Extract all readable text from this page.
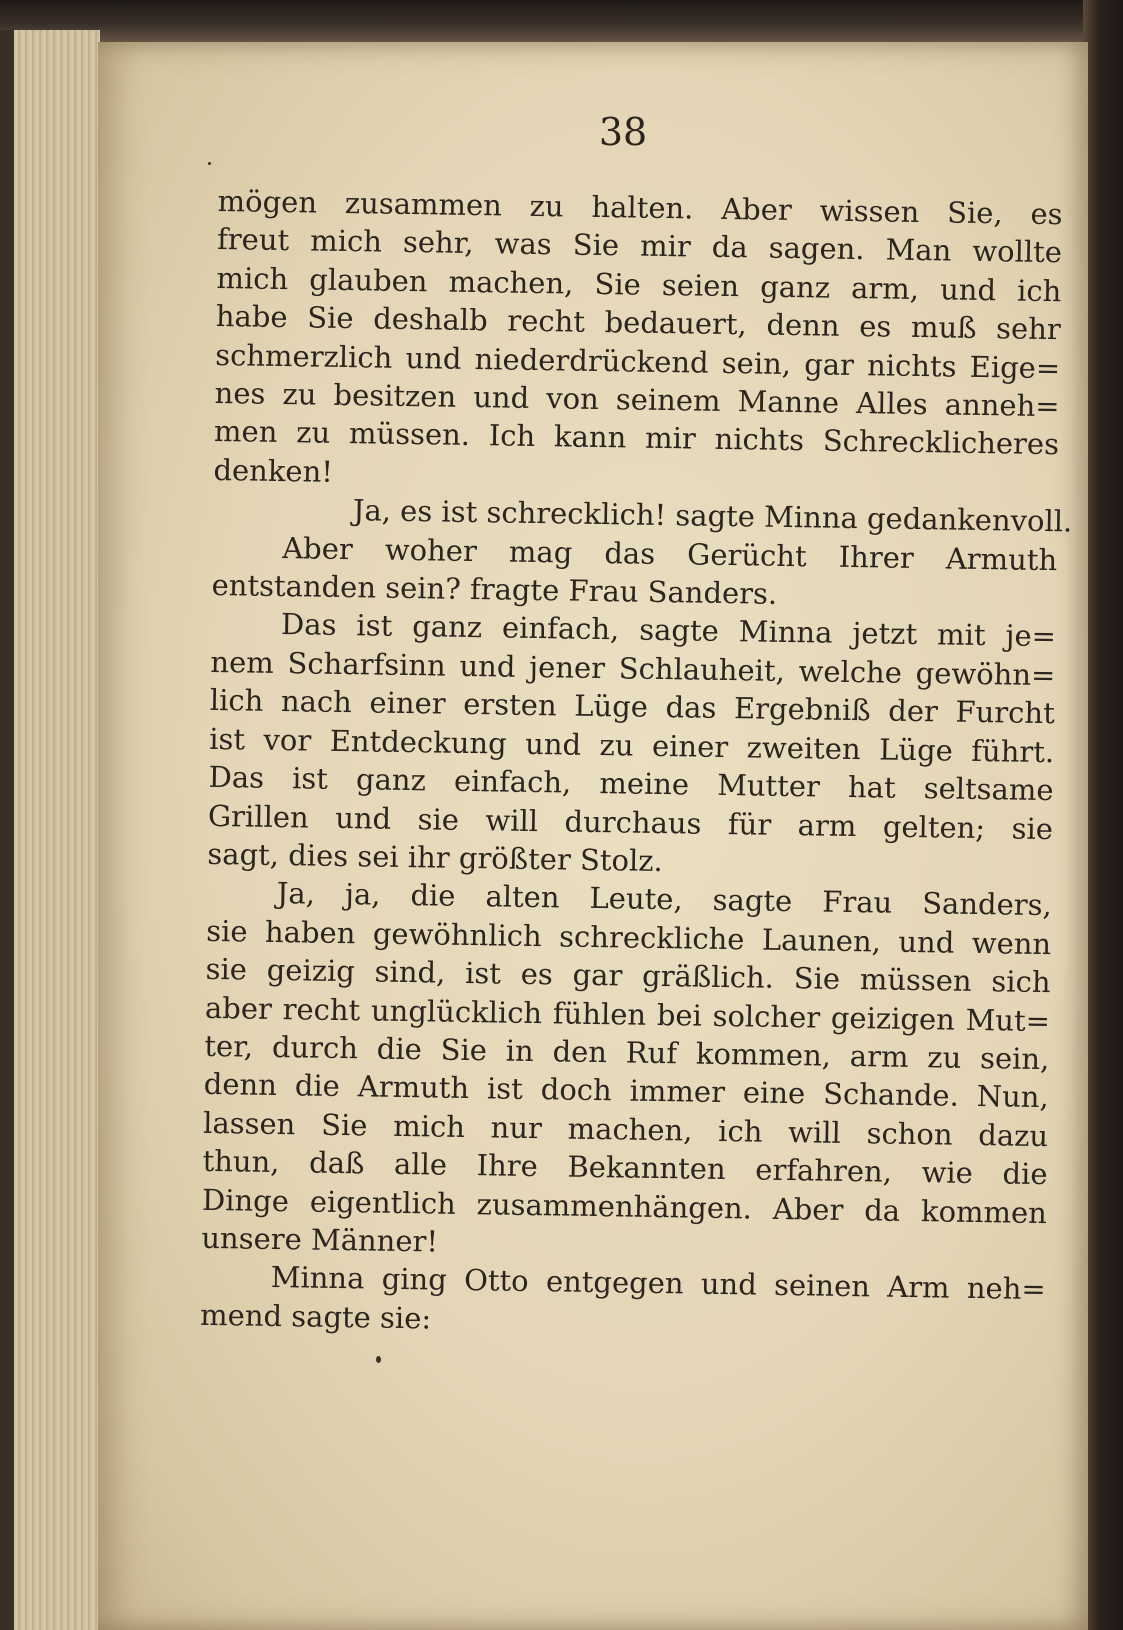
38

mögen zusammen zu halten. Aber wissen Sie, es
freut mich sehr, was Sie mir da sagen. Man wollte
mich glauben machen, Sie seien ganz arm, und ich
habe Sie deshalb recht bedauert, denn es muß sehr
schmerzlich und niederdrückend sein, gar nichts Eige=
nes zu besitzen und von seinem Manne Alles anneh=
men zu müssen. Ich kann mir nichts Schrecklicheres
denken!

Ja, es ist schrecklich! sagte Minna gedankenvoll.

Aber woher mag das Gerücht Ihrer Armuth
entstanden sein? fragte Frau Sanders.

Das ist ganz einfach, sagte Minna jetzt mit je=
nem Scharfsinn und jener Schlauheit, welche gewöhn=
lich nach einer ersten Lüge das Ergebniß der Furcht
ist vor Entdeckung und zu einer zweiten Lüge führt.
Das ist ganz einfach, meine Mutter hat seltsame
Grillen und sie will durchaus für arm gelten; sie
sagt, dies sei ihr größter Stolz.

Ja, ja, die alten Leute, sagte Frau Sanders,
sie haben gewöhnlich schreckliche Launen, und wenn
sie geizig sind, ist es gar gräßlich. Sie müssen sich
aber recht unglücklich fühlen bei solcher geizigen Mut=
ter, durch die Sie in den Ruf kommen, arm zu sein,
denn die Armuth ist doch immer eine Schande. Nun,
lassen Sie mich nur machen, ich will schon dazu
thun, daß alle Ihre Bekannten erfahren, wie die
Dinge eigentlich zusammenhängen. Aber da kommen
unsere Männer!

Minna ging Otto entgegen und seinen Arm neh=
mend sagte sie:
